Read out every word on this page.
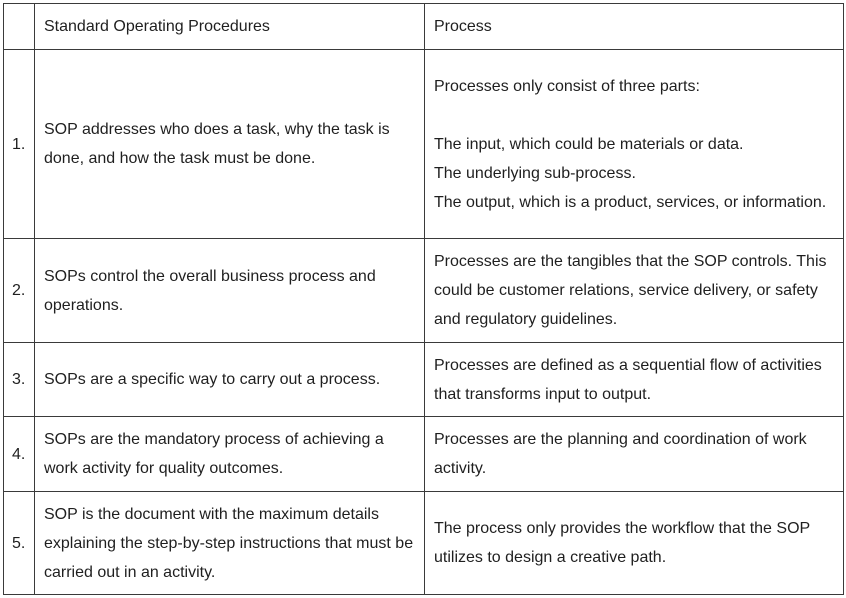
	Standard Operating Procedures	Process
1.	SOP addresses who does a task, why the task is done, and how the task must be done.	Processes only consist of three parts:
The input, which could be materials or data.
The underlying sub-process.
The output, which is a product, services, or information.

2.	SOPs control the overall business process and operations.	Processes are the tangibles that the SOP controls. This could be customer relations, service delivery, or safety and regulatory guidelines.
3.	SOPs are a specific way to carry out a process.	Processes are defined as a sequential flow of activities that transforms input to output.
4.	SOPs are the mandatory process of achieving a work activity for quality outcomes.	Processes are the planning and coordination of work activity.
5.	SOP is the document with the maximum details explaining the step-by-step instructions that must be carried out in an activity.	The process only provides the workflow that the SOP utilizes to design a creative path.
